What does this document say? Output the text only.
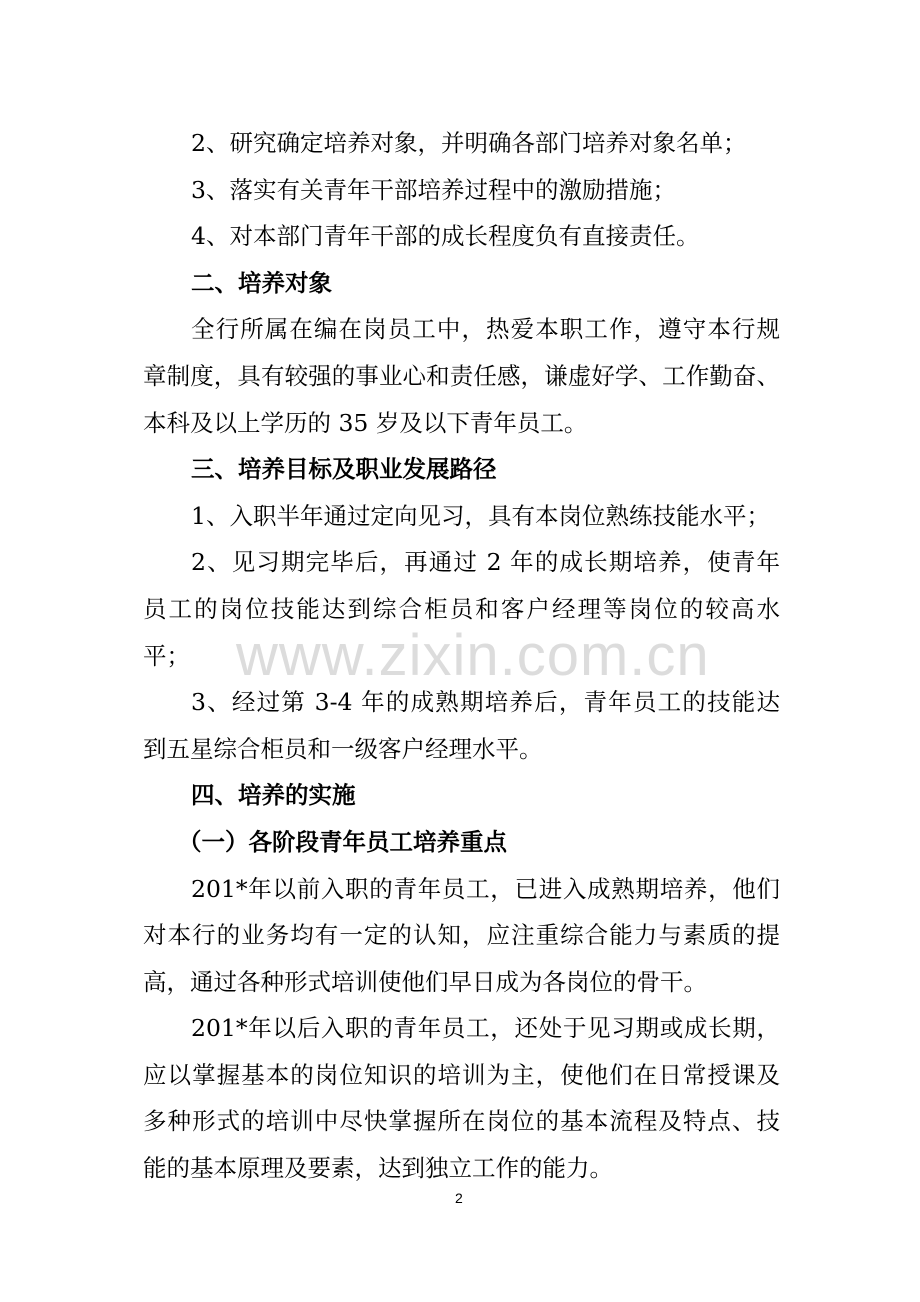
2、研究确定培养对象，并明确各部门培养对象名单；
3、落实有关青年干部培养过程中的激励措施；
4、对本部门青年干部的成长程度负有直接责任。
二、培养对象
全行所属在编在岗员工中，热爱本职工作，遵守本行规
章制度，具有较强的事业心和责任感，谦虚好学、工作勤奋、
本科及以上学历的 35 岁及以下青年员工。
三、培养目标及职业发展路径
1、入职半年通过定向见习，具有本岗位熟练技能水平；
2、见习期完毕后，再通过 2 年的成长期培养，使青年
员工的岗位技能达到综合柜员和客户经理等岗位的较高水
平；
3、经过第 3-4 年的成熟期培养后，青年员工的技能达
到五星综合柜员和一级客户经理水平。
四、培养的实施
（一）各阶段青年员工培养重点
201*年以前入职的青年员工，已进入成熟期培养，他们
对本行的业务均有一定的认知，应注重综合能力与素质的提
高，通过各种形式培训使他们早日成为各岗位的骨干。
201*年以后入职的青年员工，还处于见习期或成长期，
应以掌握基本的岗位知识的培训为主，使他们在日常授课及
多种形式的培训中尽快掌握所在岗位的基本流程及特点、技
能的基本原理及要素，达到独立工作的能力。
www.zixin.com.cn
2
